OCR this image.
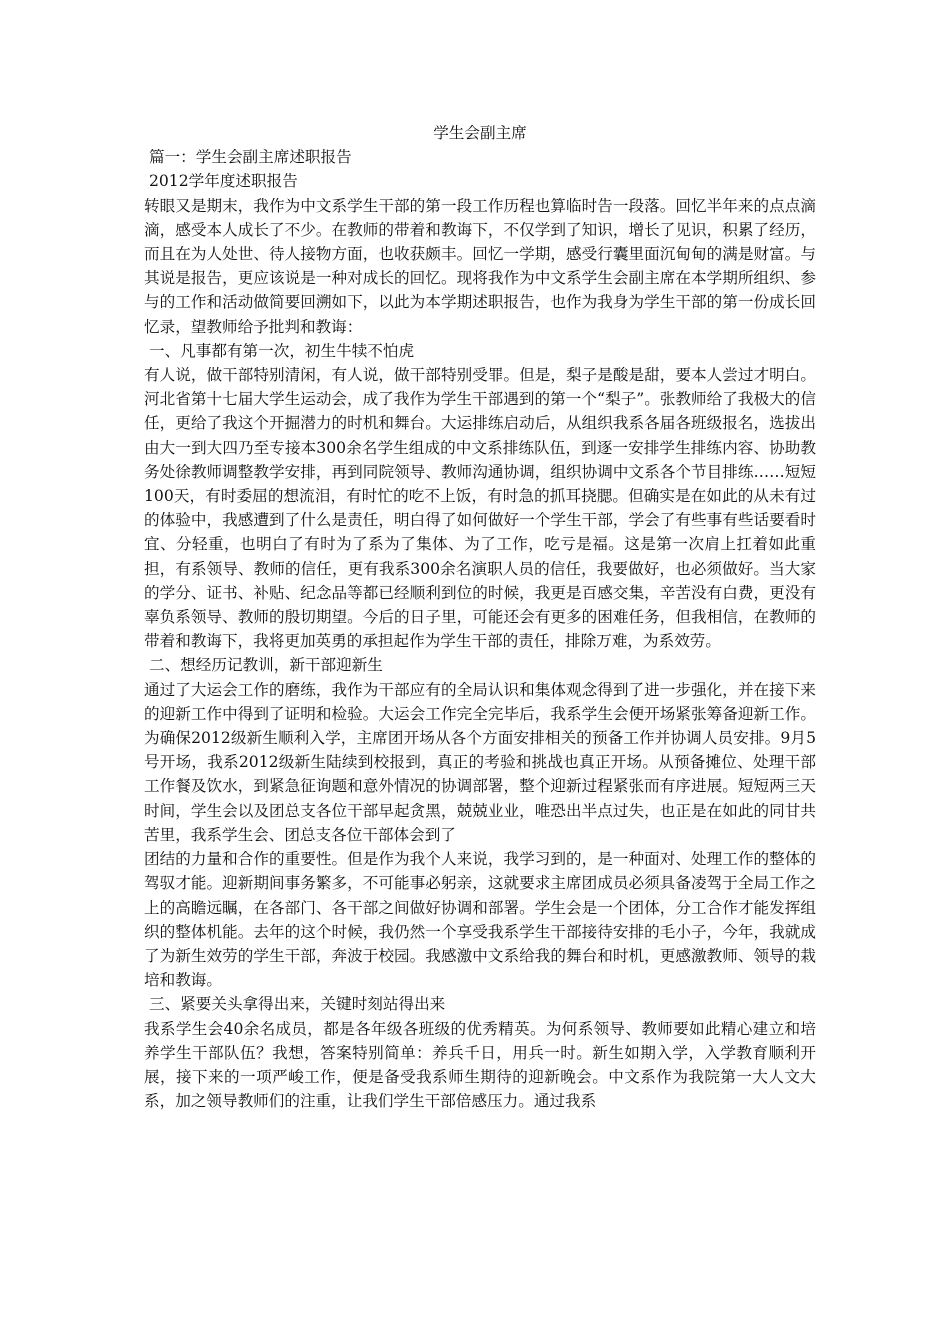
学生会副主席

篇一：学生会副主席述职报告

2012学年度述职报告

转眼又是期末，我作为中文系学生干部的第一段工作历程也算临时告一段落。回忆半年来的点点滴滴，感受本人成长了不少。在教师的带着和教诲下，不仅学到了知识，增长了见识，积累了经历，而且在为人处世、待人接物方面，也收获颇丰。回忆一学期，感受行囊里面沉甸甸的满是财富。与其说是报告，更应该说是一种对成长的回忆。现将我作为中文系学生会副主席在本学期所组织、参与的工作和活动做简要回溯如下，以此为本学期述职报告，也作为我身为学生干部的第一份成长回忆录，望教师给予批判和教诲：

一、凡事都有第一次，初生牛犊不怕虎

有人说，做干部特别清闲，有人说，做干部特别受罪。但是，梨子是酸是甜，要本人尝过才明白。河北省第十七届大学生运动会，成了我作为学生干部遇到的第一个“梨子”。张教师给了我极大的信任，更给了我这个开掘潜力的时机和舞台。大运排练启动后，从组织我系各届各班级报名，选拔出由大一到大四乃至专接本300余名学生组成的中文系排练队伍，到逐一安排学生排练内容、协助教务处徐教师调整教学安排，再到同院领导、教师沟通协调，组织协调中文系各个节目排练……短短100天，有时委屈的想流泪，有时忙的吃不上饭，有时急的抓耳挠腮。但确实是在如此的从未有过的体验中，我感遭到了什么是责任，明白得了如何做好一个学生干部，学会了有些事有些话要看时宜、分轻重，也明白了有时为了系为了集体、为了工作，吃亏是福。这是第一次肩上扛着如此重担，有系领导、教师的信任，更有我系300余名演职人员的信任，我要做好，也必须做好。当大家的学分、证书、补贴、纪念品等都已经顺利到位的时候，我更是百感交集，辛苦没有白费，更没有辜负系领导、教师的殷切期望。今后的日子里，可能还会有更多的困难任务，但我相信，在教师的带着和教诲下，我将更加英勇的承担起作为学生干部的责任，排除万难，为系效劳。

二、想经历记教训，新干部迎新生

通过了大运会工作的磨练，我作为干部应有的全局认识和集体观念得到了进一步强化，并在接下来的迎新工作中得到了证明和检验。大运会工作完全完毕后，我系学生会便开场紧张筹备迎新工作。为确保2012级新生顺利入学，主席团开场从各个方面安排相关的预备工作并协调人员安排。9月5号开场，我系2012级新生陆续到校报到，真正的考验和挑战也真正开场。从预备摊位、处理干部工作餐及饮水，到紧急征询题和意外情况的协调部署，整个迎新过程紧张而有序进展。短短两三天时间，学生会以及团总支各位干部早起贪黑，兢兢业业，唯恐出半点过失，也正是在如此的同甘共苦里，我系学生会、团总支各位干部体会到了

团结的力量和合作的重要性。但是作为我个人来说，我学习到的，是一种面对、处理工作的整体的驾驭才能。迎新期间事务繁多，不可能事必躬亲，这就要求主席团成员必须具备凌驾于全局工作之上的高瞻远瞩，在各部门、各干部之间做好协调和部署。学生会是一个团体，分工合作才能发挥组织的整体机能。去年的这个时候，我仍然一个享受我系学生干部接待安排的毛小子，今年，我就成了为新生效劳的学生干部，奔波于校园。我感激中文系给我的舞台和时机，更感激教师、领导的栽培和教诲。

三、紧要关头拿得出来，关键时刻站得出来

我系学生会40余名成员，都是各年级各班级的优秀精英。为何系领导、教师要如此精心建立和培养学生干部队伍？我想，答案特别简单：养兵千日，用兵一时。新生如期入学，入学教育顺利开展，接下来的一项严峻工作，便是备受我系师生期待的迎新晚会。中文系作为我院第一大人文大系，加之领导教师们的注重，让我们学生干部倍感压力。通过我系
